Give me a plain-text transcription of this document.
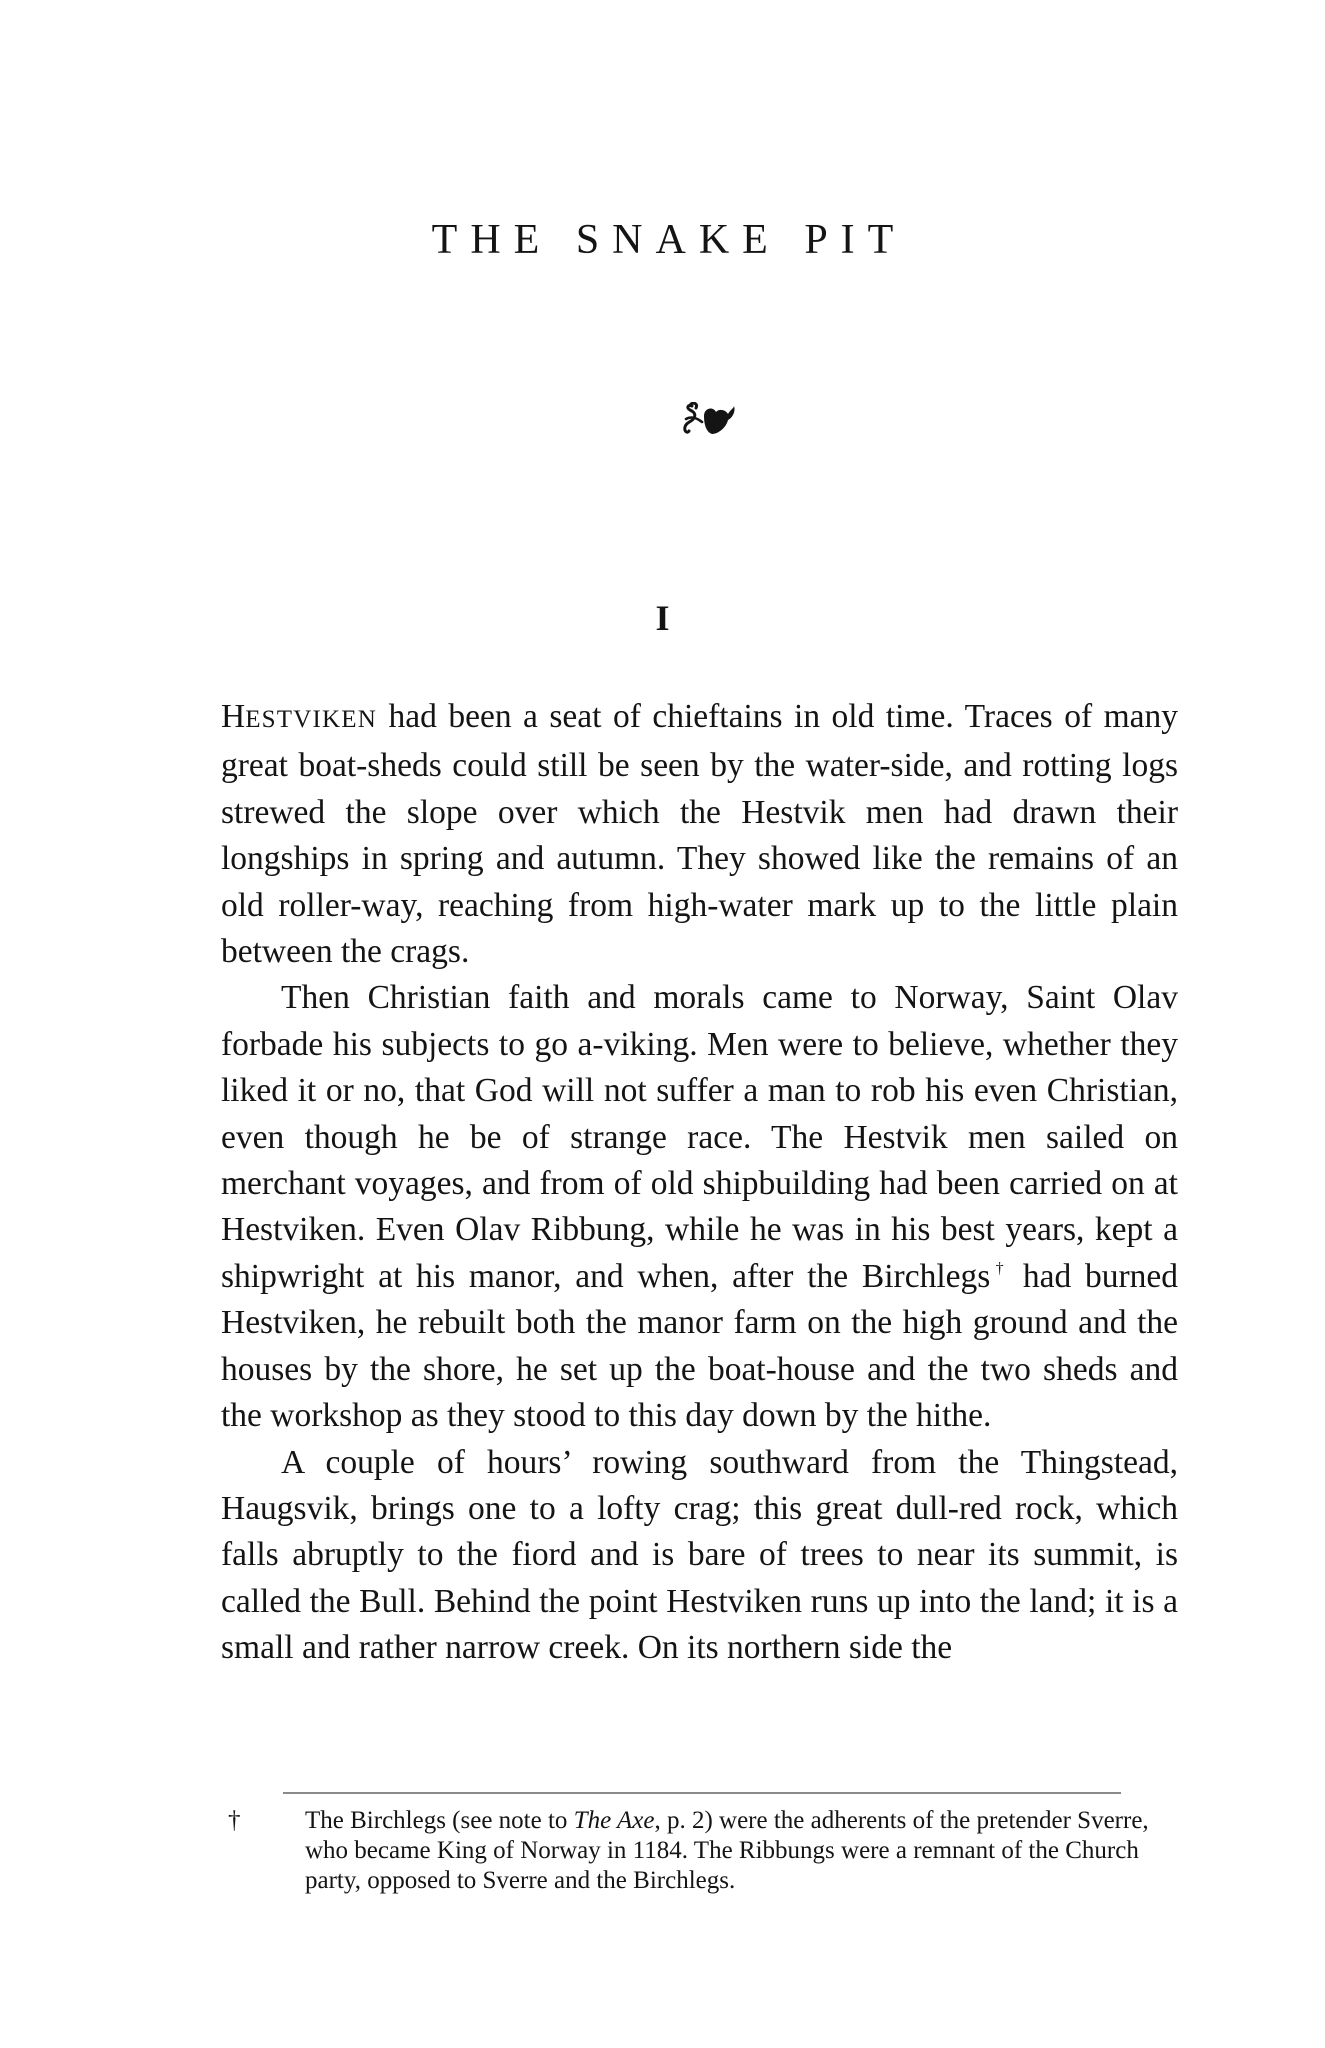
THE SNAKE PIT
I

HESTVIKEN had been a seat of chieftains in old time. Traces of many great boat-sheds could still be seen by the water-side, and rotting logs strewed the slope over which the Hestvik men had drawn their longships in spring and autumn. They showed like the remains of an old roller-way, reaching from high-water mark up to the little plain between the crags.

Then Christian faith and morals came to Norway, Saint Olav forbade his subjects to go a-viking. Men were to believe, whether they liked it or no, that God will not suffer a man to rob his even Christian, even though he be of strange race. The Hestvik men sailed on merchant voyages, and from of old shipbuilding had been carried on at Hestviken. Even Olav Ribbung, while he was in his best years, kept a shipwright at his manor, and when, after the Birchlegs† had burned Hestviken, he rebuilt both the manor farm on the high ground and the houses by the shore, he set up the boat-house and the two sheds and the workshop as they stood to this day down by the hithe.

A couple of hours’ rowing southward from the Thingstead, Haugsvik, brings one to a lofty crag; this great dull-red rock, which falls abruptly to the fiord and is bare of trees to near its summit, is called the Bull. Behind the point Hestviken runs up into the land; it is a small and rather narrow creek. On its northern side the

†	The Birchlegs (see note to The Axe, p. 2) were the adherents of the pretender Sverre, who became King of Norway in 1184. The Ribbungs were a remnant of the Church party, opposed to Sverre and the Birchlegs.
